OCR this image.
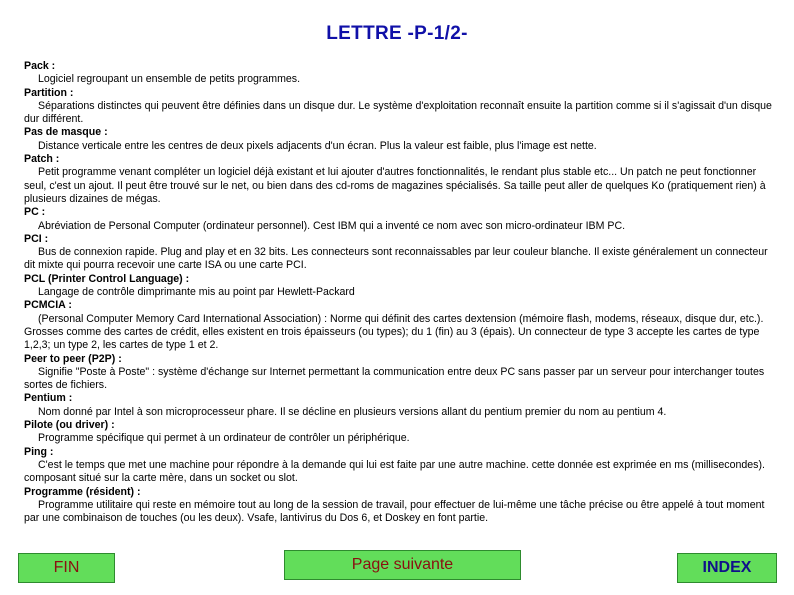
LETTRE -P-1/2-
Pack :
Logiciel regroupant un ensemble de petits programmes.
Partition :
Séparations distinctes qui peuvent être définies dans un disque dur. Le système d'exploitation reconnaît ensuite la partition comme si il s'agissait d'un disque dur différent.
Pas de masque :
Distance verticale entre les centres de deux pixels adjacents d'un écran. Plus la valeur est faible, plus l'image est nette.
Patch :
Petit programme venant compléter un logiciel déjà existant et lui ajouter d'autres fonctionnalités, le rendant plus stable etc... Un patch ne peut fonctionner seul, c'est un ajout. Il peut être trouvé sur le net, ou bien dans des cd-roms de magazines spécialisés. Sa taille peut aller de quelques Ko (pratiquement rien) à plusieurs dizaines de mégas.
PC :
Abréviation de Personal Computer (ordinateur personnel). Cest IBM qui a inventé ce nom avec son micro-ordinateur IBM PC.
PCI :
Bus de connexion rapide. Plug and play et en 32 bits. Les connecteurs sont reconnaissables par leur couleur blanche. Il existe généralement un connecteur dit mixte qui pourra recevoir une carte ISA ou une carte PCI.
PCL (Printer Control Language) :
Langage de contrôle dimprimante mis au point par Hewlett-Packard
PCMCIA :
(Personal Computer Memory Card International Association) : Norme qui définit des cartes dextension (mémoire flash, modems, réseaux, disque dur, etc.). Grosses comme des cartes de crédit, elles existent en trois épaisseurs (ou types); du 1 (fin) au 3 (épais). Un connecteur de type 3 accepte les cartes de type 1,2,3; un type 2, les cartes de type 1 et 2.
Peer to peer (P2P) :
Signifie "Poste à Poste" : système d'échange sur Internet permettant la communication entre deux PC sans passer par un serveur pour interchanger toutes sortes de fichiers.
Pentium :
Nom donné par Intel à son microprocesseur phare. Il se décline en plusieurs versions allant du pentium premier du nom au pentium 4.
Pilote (ou driver) :
Programme spécifique qui permet à un ordinateur de contrôler un périphérique.
Ping :
C'est le temps que met une machine pour répondre à la demande qui lui est faite par une autre machine. cette donnée est exprimée en ms (millisecondes). composant situé sur la carte mère, dans un socket ou slot.
Programme (résident) :
Programme utilitaire qui reste en mémoire tout au long de la session de travail, pour effectuer de lui-même une tâche précise ou être appelé à tout moment par une combinaison de touches (ou les deux). Vsafe, lantivirus du Dos 6, et Doskey en font partie.
FIN	Page suivante	INDEX
